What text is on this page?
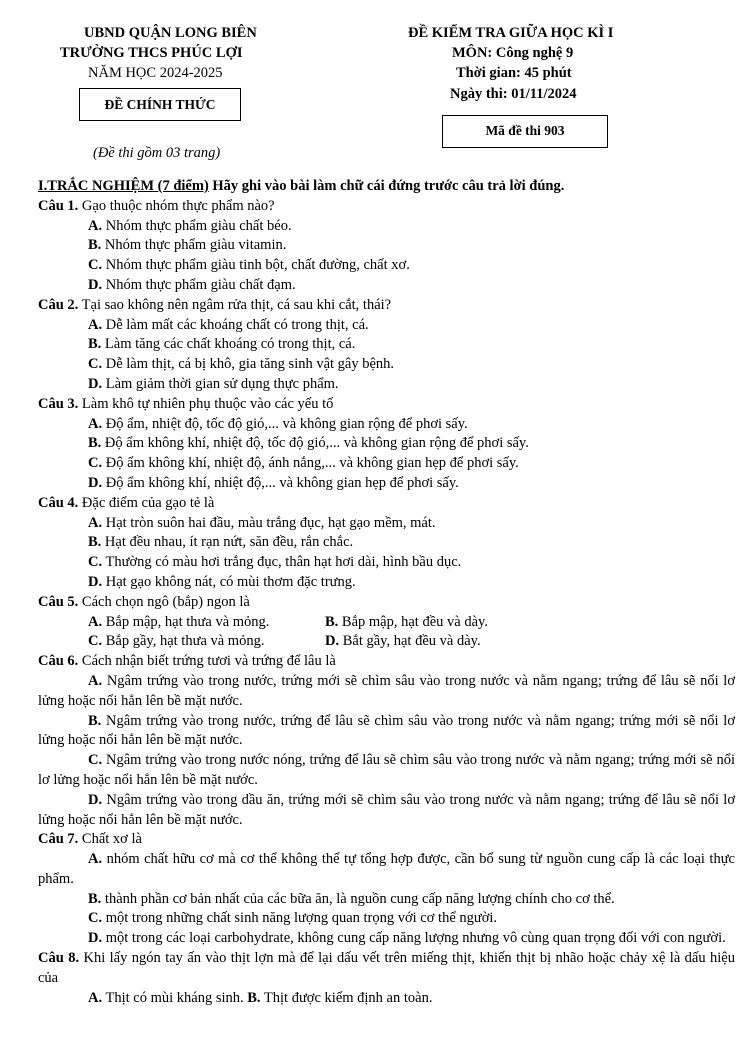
UBND QUẬN LONG BIÊN
TRƯỜNG THCS PHÚC LỢI
NĂM HỌC 2024-2025
ĐỀ CHÍNH THỨC
(Đề thi gồm 03 trang)
ĐỀ KIỂM TRA GIỮA HỌC KÌ I
MÔN: Công nghệ 9
Thời gian: 45 phút
Ngày thi: 01/11/2024
Mã đề thi 903
I.TRẮC NGHIỆM (7 điểm) Hãy ghi vào bài làm chữ cái đứng trước câu trả lời đúng.
Câu 1. Gạo thuộc nhóm thực phẩm nào?
A. Nhóm thực phẩm giàu chất béo.
B. Nhóm thực phẩm giàu vitamin.
C. Nhóm thực phẩm giàu tinh bột, chất đường, chất xơ.
D. Nhóm thực phẩm giàu chất đạm.
Câu 2. Tại sao không nên ngâm rửa thịt, cá sau khi cắt, thái?
A. Dễ làm mất các khoáng chất có trong thịt, cá.
B. Làm tăng các chất khoáng có trong thịt, cá.
C. Dễ làm thịt, cá bị khô, gia tăng sinh vật gây bệnh.
D. Làm giảm thời gian sử dụng thực phẩm.
Câu 3. Làm khô tự nhiên phụ thuộc vào các yếu tố
A. Độ ẩm, nhiệt độ, tốc độ gió,... và không gian rộng để phơi sấy.
B. Độ ẩm không khí, nhiệt độ, tốc độ gió,... và không gian rộng để phơi sấy.
C. Độ ẩm không khí, nhiệt độ, ánh nắng,... và không gian hẹp để phơi sấy.
D. Độ ẩm không khí, nhiệt độ,... và không gian hẹp để phơi sấy.
Câu 4. Đặc điểm của gạo tẻ là
A. Hạt tròn suôn hai đầu, màu trắng đục, hạt gạo mềm, mát.
B. Hạt đều nhau, ít rạn nứt, săn đều, rắn chắc.
C. Thường có màu hơi trắng đục, thân hạt hơi dài, hình bầu dục.
D. Hạt gạo không nát, có mùi thơm đặc trưng.
Câu 5. Cách chọn ngô (bắp) ngon là
A. Bắp mập, hạt thưa và mỏng.	B. Bắp mập, hạt đều và dày.
C. Bắp gầy, hạt thưa và mỏng.	D. Bắt gầy, hạt đều và dày.
Câu 6. Cách nhận biết trứng tươi và trứng để lâu là
A. Ngâm trứng vào trong nước, trứng mới sẽ chìm sâu vào trong nước và nằm ngang; trứng để lâu sẽ nổi lơ lửng hoặc nổi hẳn lên bề mặt nước.
B. Ngâm trứng vào trong nước, trứng để lâu sẽ chìm sâu vào trong nước và nằm ngang; trứng mới sẽ nổi lơ lửng hoặc nổi hẳn lên bề mặt nước.
C. Ngâm trứng vào trong nước nóng, trứng để lâu sẽ chìm sâu vào trong nước và nằm ngang; trứng mới sẽ nổi lơ lửng hoặc nổi hẳn lên bề mặt nước.
D. Ngâm trứng vào trong dầu ăn, trứng mới sẽ chìm sâu vào trong nước và nằm ngang; trứng để lâu sẽ nổi lơ lửng hoặc nổi hẳn lên bề mặt nước.
Câu 7. Chất xơ là
A. nhóm chất hữu cơ mà cơ thể không thể tự tổng hợp được, cần bổ sung từ nguồn cung cấp là các loại thực phẩm.
B. thành phần cơ bản nhất của các bữa ăn, là nguồn cung cấp năng lượng chính cho cơ thể.
C. một trong những chất sinh năng lượng quan trọng với cơ thể người.
D. một trong các loại carbohydrate, không cung cấp năng lượng nhưng vô cùng quan trọng đối với con người.
Câu 8. Khi lấy ngón tay ấn vào thịt lợn mà để lại dấu vết trên miếng thịt, khiến thịt bị nhão hoặc chảy xệ là dấu hiệu của
A. Thịt có mùi kháng sinh. B. Thịt được kiểm định an toàn.
